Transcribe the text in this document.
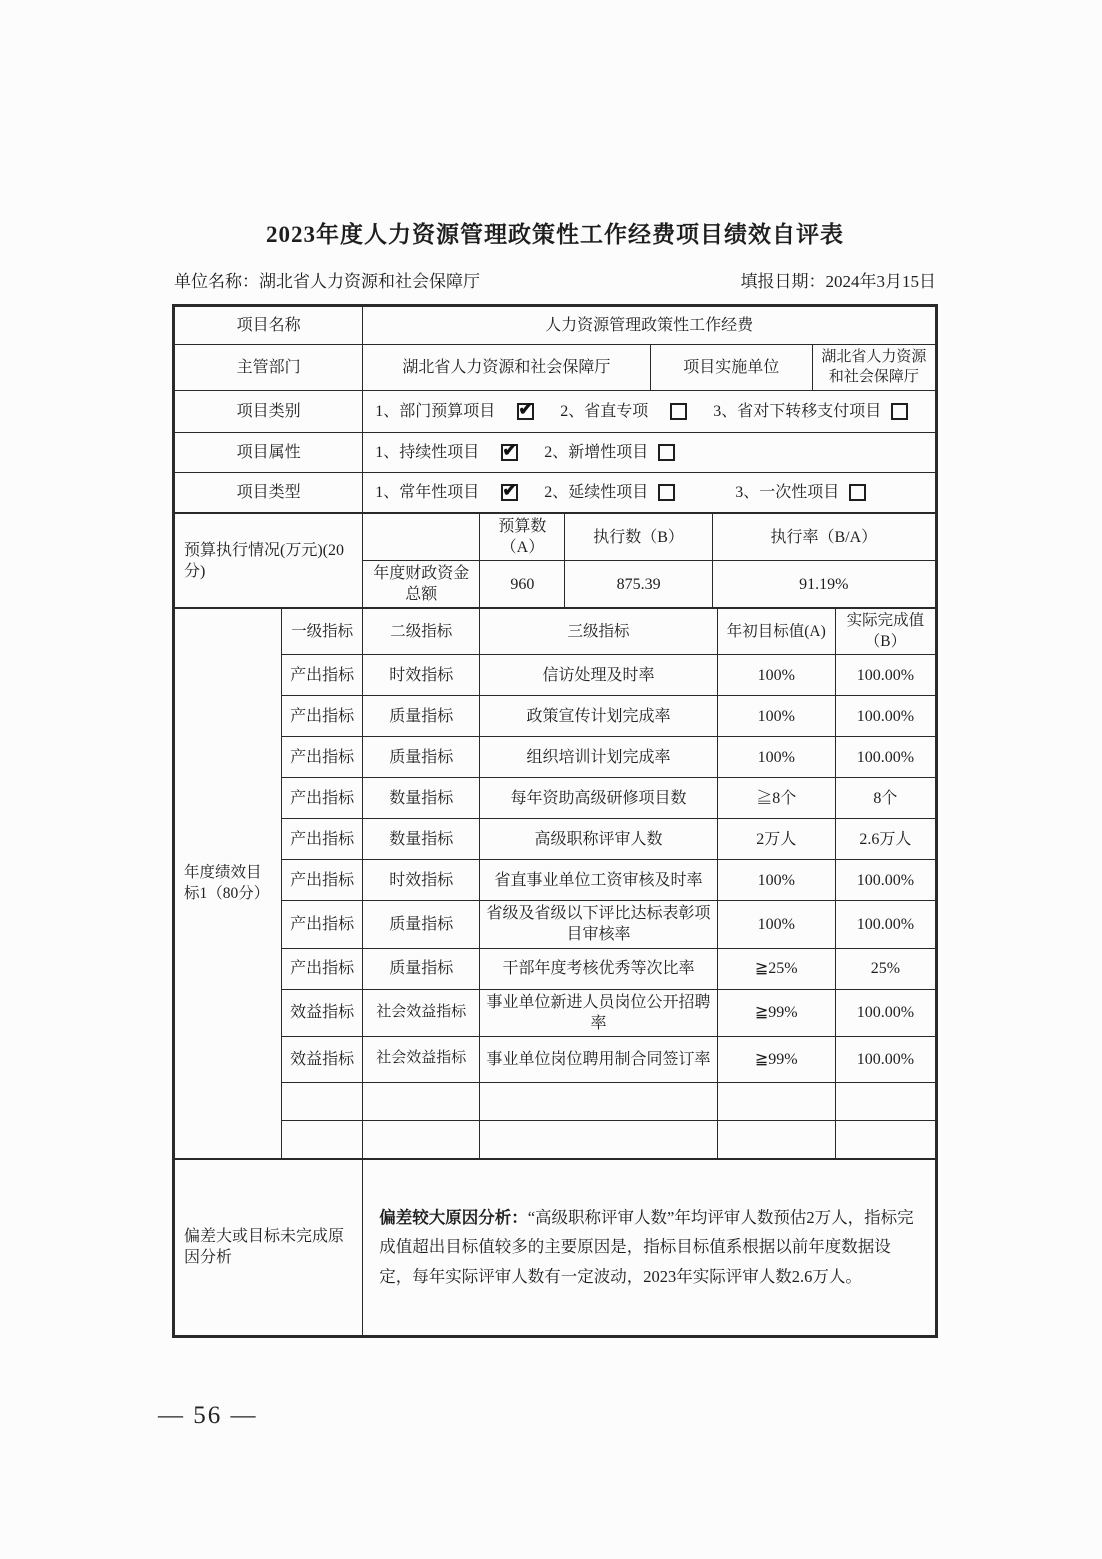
2023年度人力资源管理政策性工作经费项目绩效自评表
单位名称：湖北省人力资源和社会保障厅	填报日期：2024年3月15日
项目名称	人力资源管理政策性工作经费		
主管部门	湖北省人力资源和社会保障厅	项目实施单位	湖北省人力资源和社会保障厅
项目类别	1、部门预算项目 ✔ 2、省直专项 3、省对下转移支付项目

项目属性	1、持续性项目 ✔ 2、新增性项目

项目类型	1、常年性项目 ✔ 2、延续性项目 3、一次性项目
预算执行情况(万元)(20分)		预算数（A）	执行数（B）	执行率（B/A）
	年度财政资金总额	960	875.39	91.19%
年度绩效目标1（80分）	一级指标	二级指标	三级指标	年初目标值(A)	实际完成值（B）
	产出指标	时效指标	信访处理及时率	100%	100.00%
	产出指标	质量指标	政策宣传计划完成率	100%	100.00%
	产出指标	质量指标	组织培训计划完成率	100%	100.00%
	产出指标	数量指标	每年资助高级研修项目数	≧8个	8个
	产出指标	数量指标	高级职称评审人数	2万人	2.6万人
	产出指标	时效指标	省直事业单位工资审核及时率	100%	100.00%
	产出指标	质量指标	省级及省级以下评比达标表彰项目审核率	100%	100.00%
	产出指标	质量指标	干部年度考核优秀等次比率	≧25%	25%
	效益指标	社会效益指标	事业单位新进人员岗位公开招聘率	≧99%	100.00%
	效益指标	社会效益指标	事业单位岗位聘用制合同签订率	≧99%	100.00%

偏差大或目标未完成原因分析	偏差较大原因分析：“高级职称评审人数”年均评审人数预估2万人，指标完成值超出目标值较多的主要原因是，指标目标值系根据以前年度数据设定，每年实际评审人数有一定波动，2023年实际评审人数2.6万人。
— 56 —
